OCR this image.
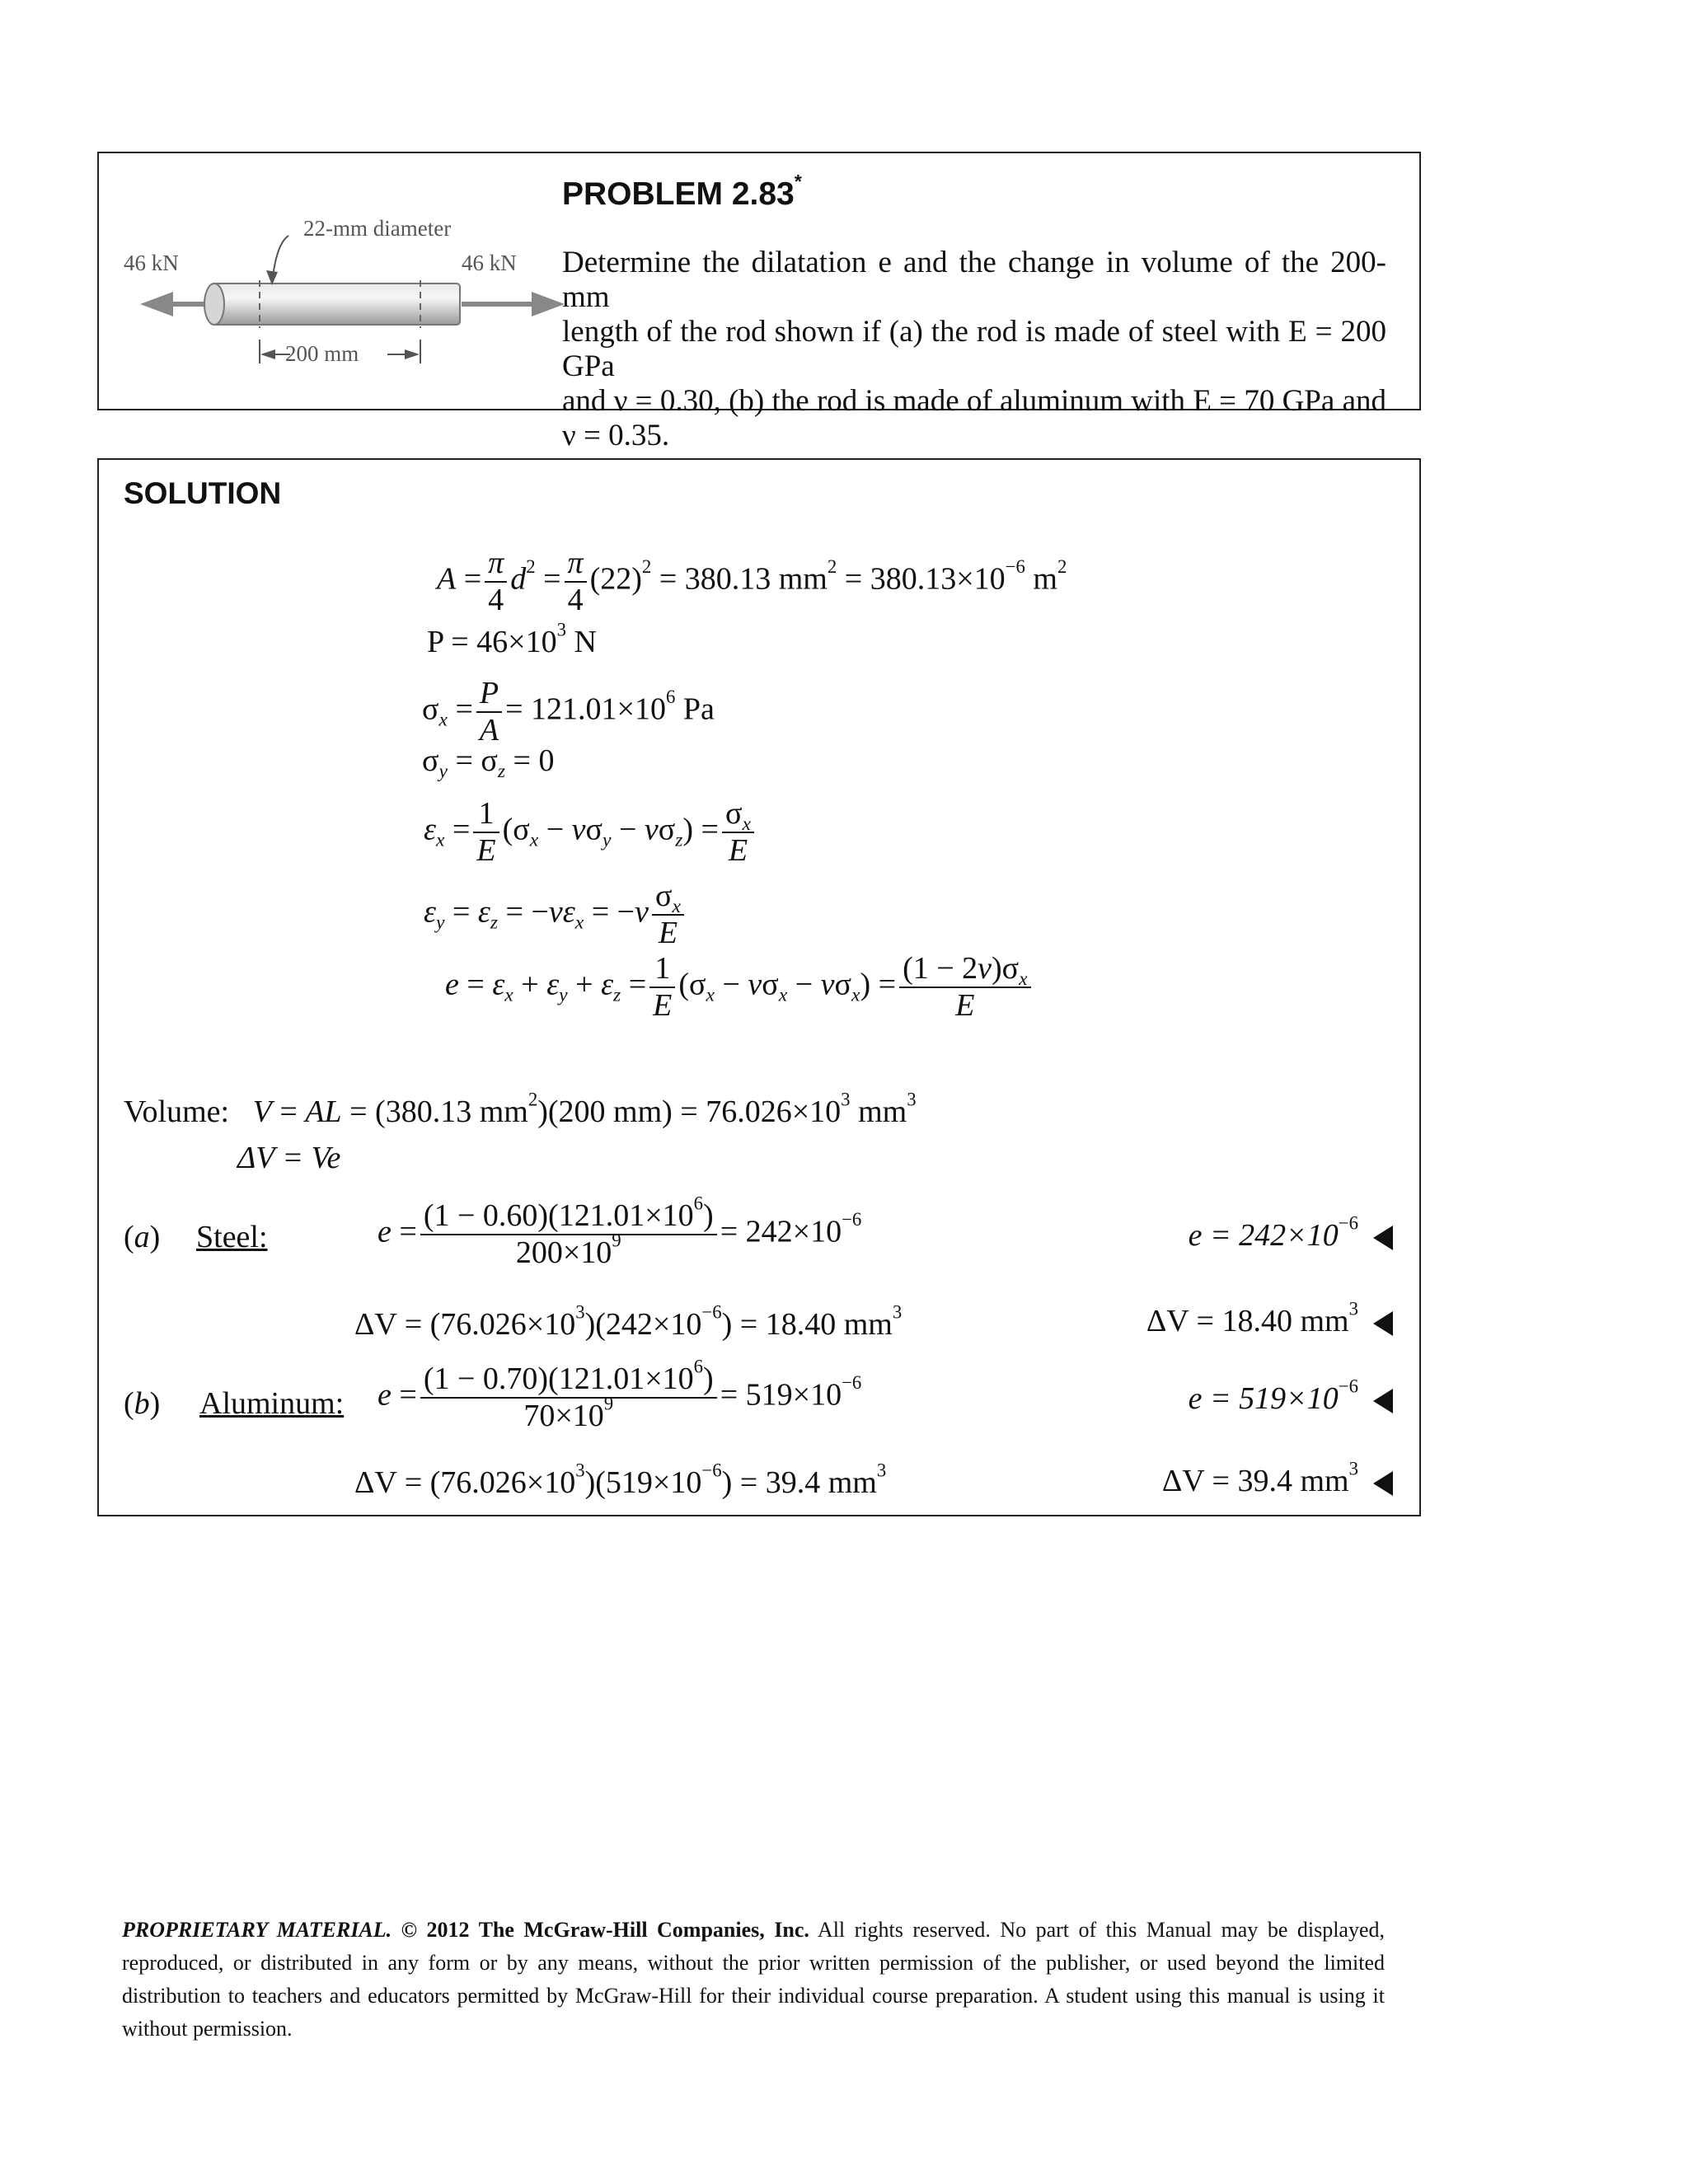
22-mm diameter
46 kN	46 kN
200 mm
PROBLEM 2.83*
Determine the dilatation e and the change in volume of the 200-mm
length of the rod shown if (a) the rod is made of steel with E = 200 GPa
and ν = 0.30, (b) the rod is made of aluminum with E = 70 GPa and
ν = 0.35.
SOLUTION
$A = \frac{\pi}{4} d^2 = \frac{\pi}{4} (22)^2 = 380.13$ $mm^2 = 380.13\times 10^{-6}$ $m^2$
$P = 46\times 10^3$ N
$\sigma_x = \frac{P}{A} = 121.01\times 10^6$ Pa
$\sigma_y = \sigma_z = 0$
$\varepsilon_x = \frac{1}{E} (\sigma_x - v\sigma_y - v\sigma_z) = \frac{\sigma_x}{E}$
$\varepsilon_y = \varepsilon_z = -v\varepsilon_x = -v \frac{\sigma_x}{E}$
$e = \varepsilon_x + \varepsilon_y + \varepsilon_z = \frac{1}{E} (\sigma_x - v\sigma_x - v\sigma_x) = \frac{(1 - 2v)\sigma_x}{E}$
Volume: V = AL = (380.13 $mm^2)(200$ $mm) = 76.026\times 10^3$ $mm^3$
ΔV = Ve
(a) Steel:	$e = \frac{(1 - 0.60)(121.01\times 10^6)}{200\times 10^9} = 242\times 10^{-6}$	$e = 242\times 10^{-6}$
$\Delta V = (76.026\times 10^3)(242\times 10^{-6}) = 18.40$ $mm^3$	ΔV = 18.40 $mm^3$
(b) Aluminum: $e = \frac{(1 - 0.70)(121.01\times 10^6)}{70\times 10^9} = 519\times 10^{-6}$	$e = 519\times 10^{-6}$
$\Delta V = (76.026\times 10^3)(519\times 10^{-6}) = 39.4$ $mm^3$	ΔV = 39.4 $mm^3$
PROPRIETARY MATERIAL. © 2012 The McGraw-Hill Companies, Inc. All rights reserved. No part of this Manual may be displayed,
reproduced, or distributed in any form or by any means, without the prior written permission of the publisher, or used beyond the limited
distribution to teachers and educators permitted by McGraw-Hill for their individual course preparation. A student using this manual is using it
without permission.
